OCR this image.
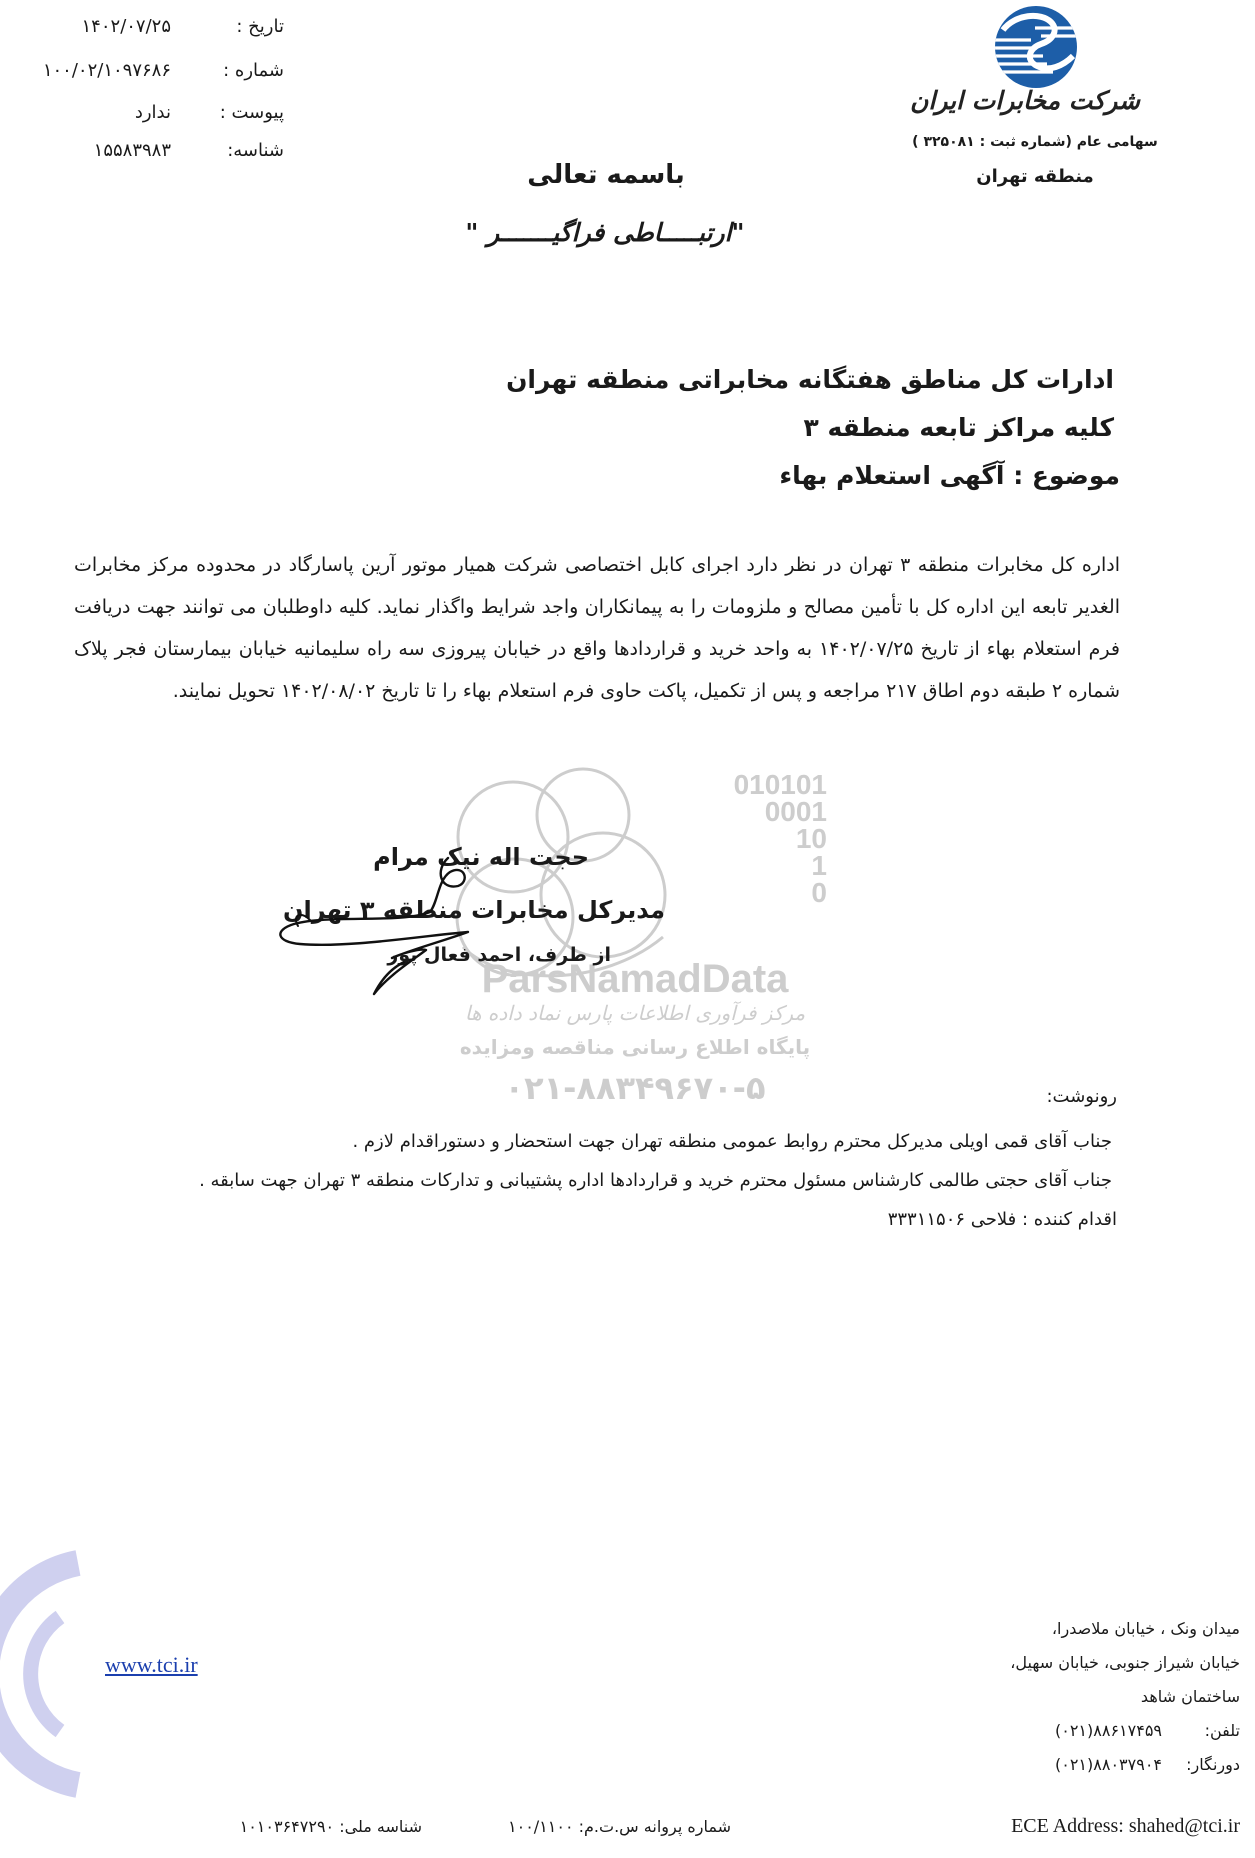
تاریخ :
۱۴۰۲/۰۷/۲۵
شماره :
۱۰۰/۰۲/۱۰۹۷۶۸۶
پیوست :
ندارد
شناسه:
۱۵۵۸۳۹۸۳
شرکت مخابرات ایران
سهامی عام (شماره ثبت : ۳۲۵۰۸۱ )
منطقه تهران
باسمه تعالی
"ارتبـــــاطی فراگیـــــــر "
ادارات کل مناطق هفتگانه مخابراتی منطقه تهران
کلیه مراکز تابعه منطقه ۳
موضوع : آگهی استعلام بهاء
اداره کل مخابرات منطقه ۳ تهران در نظر دارد اجرای کابل اختصاصی شرکت همیار موتور آرین پاسارگاد در محدوده مرکز مخابرات الغدیر تابعه این اداره کل با تأمین مصالح و ملزومات را به پیمانکاران واجد شرایط واگذار نماید. کلیه داوطلبان می توانند جهت دریافت فرم استعلام بهاء از تاریخ ۱۴۰۲/۰۷/۲۵ به واحد خرید و قراردادها واقع در خیابان پیروزی سه راه سلیمانیه خیابان بیمارستان فجر پلاک شماره ۲ طبقه دوم اطاق ۲۱۷ مراجعه و پس از تکمیل، پاکت حاوی فرم استعلام بهاء را تا تاریخ ۱۴۰۲/۰۸/۰۲ تحویل نمایند.
010101
0001
10
1
0
ParsNamadData
مرکز فرآوری اطلاعات پارس نماد داده ها
پایگاه اطلاع رسانی مناقصه ومزایده
۰۲۱-۸۸۳۴۹۶۷۰-۵
حجت اله نیک مرام
مدیرکل مخابرات منطقه ۳ تهران
از طرف، احمد فعال پور
رونوشت:
جناب آقای قمی اویلی مدیرکل محترم روابط عمومی منطقه تهران جهت استحضار و دستوراقدام لازم .
جناب آقای حجتی طالمی کارشناس مسئول محترم خرید و قراردادها اداره پشتیبانی و تدارکات منطقه ۳ تهران جهت سابقه .
اقدام کننده : فلاحی ۳۳۳۱۱۵۰۶
www.tci.ir
میدان ونک ، خیابان ملاصدرا،
خیابان شیراز جنوبی، خیابان سهیل،
ساختمان شاهد
تلفن:(۰۲۱)۸۸۶۱۷۴۵۹
دورنگار:(۰۲۱)۸۸۰۳۷۹۰۴
ECE Address: shahed@tci.ir
شماره پروانه س.ت.م: ۱۰۰/۱۱۰۰
شناسه ملی: ۱۰۱۰۳۶۴۷۲۹۰
